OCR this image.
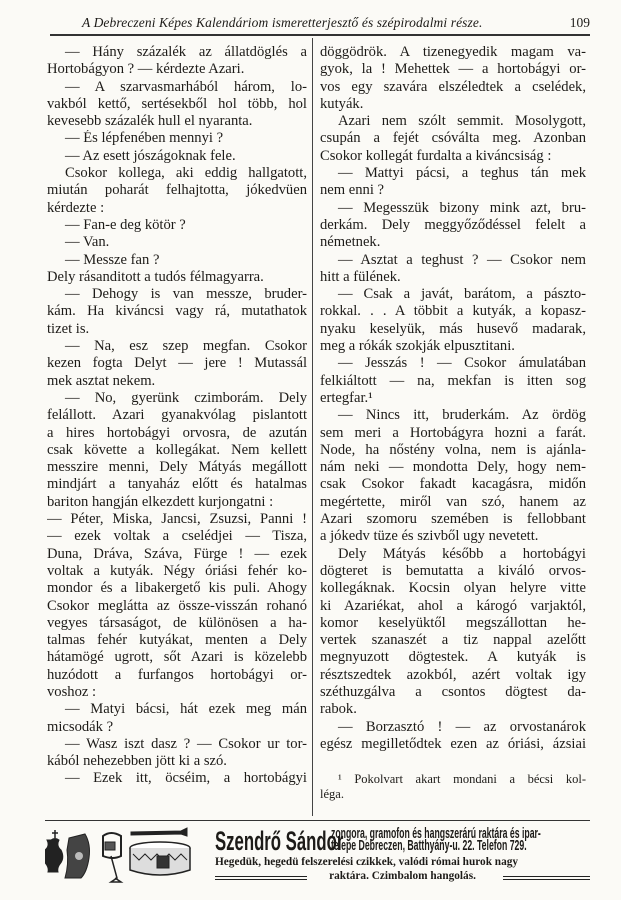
A Debreczeni Képes Kalendáriom ismeretterjesztő és szépirodalmi része.	109
— Hány százalék az állatdöglés a
Hortobágyon ? — kérdezte Azari.
— A szarvasmarhából három, lo-
vakból kettő, sertésekből hol több, hol
kevesebb százalék hull el nyaranta.
— És lépfenében mennyi ?
— Az esett jószágoknak fele.
Csokor kollega, aki eddig hallgatott,
miután poharát felhajtotta, jókedvüen
kérdezte :
— Fan-e deg kötör ?
— Van.
— Messze fan ?
Dely rásanditott a tudós félmagyarra.
— Dehogy is van messze, bruder-
kám. Ha kiváncsi vagy rá, mutathatok
tizet is.
— Na, esz szep megfan. Csokor
kezen fogta Delyt — jere ! Mutassál
mek asztat nekem.
— No, gyerünk czimborám. Dely
felállott. Azari gyanakvólag pislantott
a hires hortobágyi orvosra, de azután
csak követte a kollegákat. Nem kellett
messzire menni, Dely Mátyás megállott
mindjárt a tanyaház előtt és hatalmas
bariton hangján elkezdett kurjongatni :
— Péter, Miska, Jancsi, Zsuzsi, Panni !
— ezek voltak a cselédjei — Tisza,
Duna, Dráva, Száva, Fürge ! — ezek
voltak a kutyák. Négy óriási fehér ko-
mondor és a libakergető kis puli. Ahogy
Csokor meglátta az össze-visszán rohanó
vegyes társaságot, de különösen a ha-
talmas fehér kutyákat, menten a Dely
hátamögé ugrott, sőt Azari is közelebb
huzódott a furfangos hortobágyi or-
voshoz :
— Matyi bácsi, hát ezek meg mán
micsodák ?
— Wasz iszt dasz ? — Csokor ur tor-
kából nehezebben jött ki a szó.
— Ezek itt, öcséim, a hortobágyi
döggödrök. A tizenegyedik magam va-
gyok, la ! Mehettek — a hortobágyi or-
vos egy szavára elszéledtek a cselédek,
kutyák.
Azari nem szólt semmit. Mosolygott,
csupán a fejét csóválta meg. Azonban
Csokor kollegát furdalta a kiváncsiság :
— Mattyi pácsi, a teghus tán mek
nem enni ?
— Megesszük bizony mink azt, bru-
derkám. Dely meggyőződéssel felelt a
németnek.
— Asztat a teghust ? — Csokor nem
hitt a fülének.
— Csak a javát, barátom, a pászto-
rokkal. . . A többit a kutyák, a kopasz-
nyaku keselyük, más husevő madarak,
meg a rókák szokják elpusztitani.
— Jesszás ! — Csokor ámulatában
felkiáltott — na, mekfan is itten sog
ertegfar.¹
— Nincs itt, bruderkám. Az ördög
sem meri a Hortobágyra hozni a farát.
Node, ha nőstény volna, nem is ajánla-
nám neki — mondotta Dely, hogy nem-
csak Csokor fakadt kacagásra, midőn
megértette, miről van szó, hanem az
Azari szomoru szemében is fellobbant
a jókedv tüze és szivből ugy nevetett.
Dely Mátyás később a hortobágyi
dögteret is bemutatta a kiváló orvos-
kollegáknak. Kocsin olyan helyre vitte
ki Azariékat, ahol a károgó varjaktól,
komor keselyüktől megszállottan he-
vertek szanaszét a tiz nappal azelőtt
megnyuzott dögtestek. A kutyák is
résztszedtek azokból, azért voltak igy
széthuzgálva a csontos dögtest da-
rabok.
— Borzasztó ! — az orvostanárok
egész megilletődtek ezen az óriási, ázsiai
¹ Pokolvart akart mondani a bécsi kol-
léga.
Szendrő Sándor
zongora, gramofon és hangszerárú raktára és ipar-
telepe Debreczen, Batthyány-u. 22. Telefon 729.
Hegedük, hegedü felszerelési czikkek, valódi római hurok nagy
raktára. Czimbalom hangolás.
